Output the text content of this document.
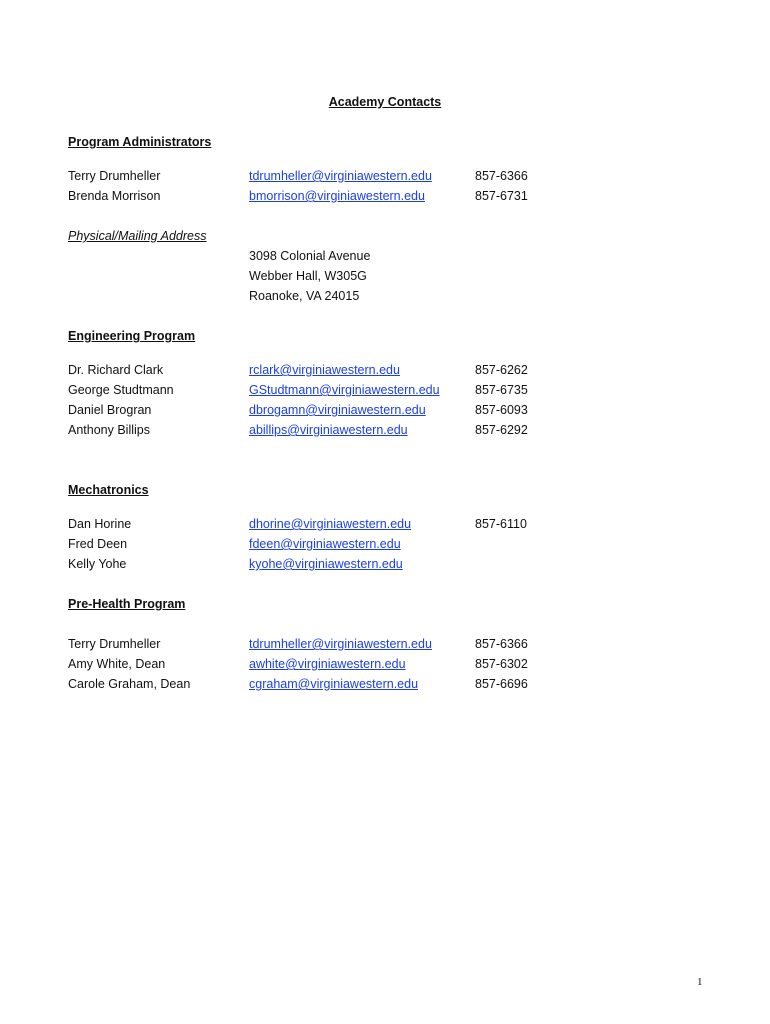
Academy Contacts
Program Administrators
Terry Drumheller	tdrumheller@virginiawestern.edu	857-6366
Brenda Morrison	bmorrison@virginiawestern.edu	857-6731
Physical/Mailing Address
3098 Colonial Avenue
Webber Hall, W305G
Roanoke, VA 24015
Engineering Program
Dr. Richard Clark	rclark@virginiawestern.edu	857-6262
George Studtmann	GStudtmann@virginiawestern.edu	857-6735
Daniel Brogran	dbrogamn@virginiawestern.edu	857-6093
Anthony Billips	abillips@virginiawestern.edu	857-6292
Mechatronics
Dan Horine	dhorine@virginiawestern.edu	857-6110
Fred Deen	fdeen@virginiawestern.edu
Kelly Yohe	kyohe@virginiawestern.edu
Pre-Health Program
Terry Drumheller	tdrumheller@virginiawestern.edu	857-6366
Amy White, Dean	awhite@virginiawestern.edu	857-6302
Carole Graham, Dean	cgraham@virginiawestern.edu	857-6696
1
